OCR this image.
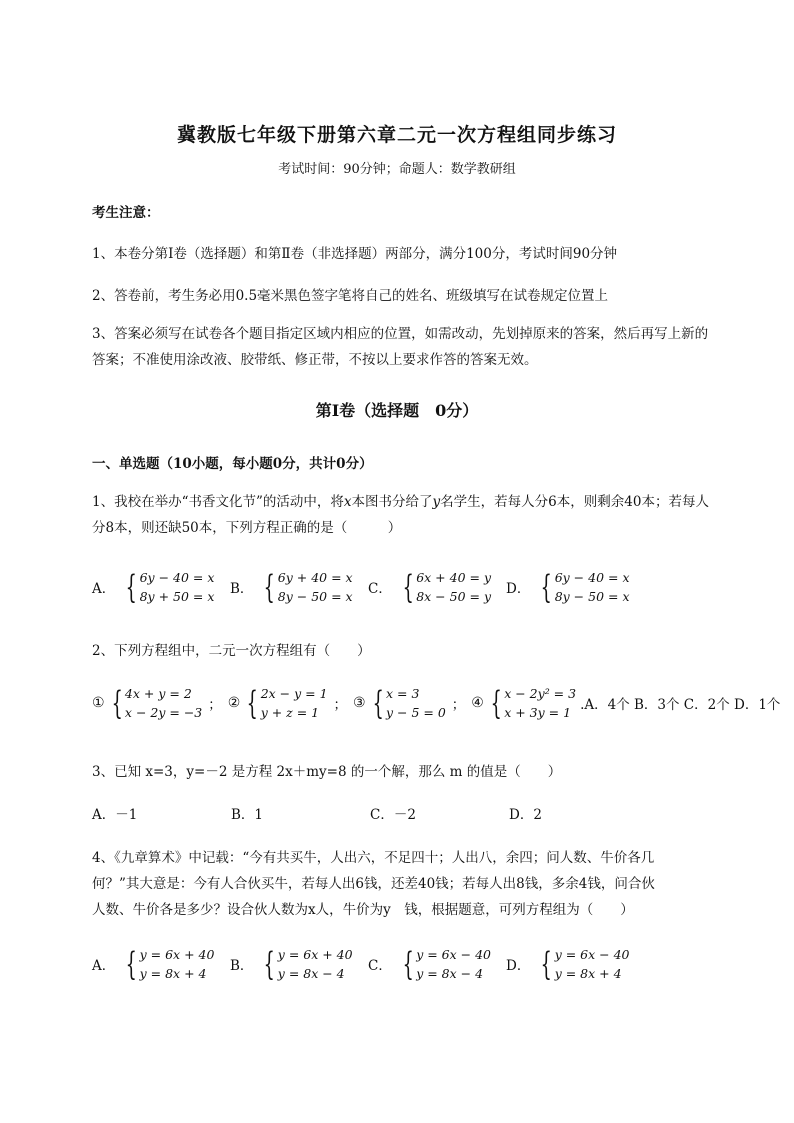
冀教版七年级下册第六章二元一次方程组同步练习
考试时间：90分钟；命题人：数学教研组
考生注意：
1、本卷分第Ⅰ卷（选择题）和第Ⅱ卷（非选择题）两部分，满分100分，考试时间90分钟
2、答卷前，考生务必用0.5毫米黑色签字笔将自己的姓名、班级填写在试卷规定位置上
3、答案必须写在试卷各个题目指定区域内相应的位置，如需改动，先划掉原来的答案，然后再写上新的答案；不准使用涂改液、胶带纸、修正带，不按以上要求作答的答案无效。
第Ⅰ卷（选择题　0分）
一、单选题（10小题，每小题0分，共计0分）
1、我校在举办“书香文化节”的活动中，将x本图书分给了y名学生，若每人分6本，则剩余40本；若每人分8本，则还缺50本，下列方程正确的是（　　　）
A． { 6y − 40 = x
8y + 50 = x B． { 6y + 40 = x
8y − 50 = x C． { 6x + 40 = y
8x − 50 = y D． { 6y − 40 = x
8y − 50 = x
2、下列方程组中，二元一次方程组有（　　）
① { 4x + y = 2
x − 2y = −3 ； ② { 2x − y = 1
y + z = 1	； ③ { x = 3
y − 5 = 0 ； ④ { x − 2y² = 3
x + 3y = 1 .A．4个 B．3个 C．2个 D．1个
3、已知 x=3，y=－2 是方程 2x＋my=8 的一个解，那么 m 的值是（　　）
A．－1	B．1	C．－2	D．2
4、《九章算术》中记载：“今有共买牛，人出六，不足四十；人出八，余四；问人数、牛价各几
何？”其大意是：今有人合伙买牛，若每人出6钱，还差40钱；若每人出8钱，多余4钱，问合伙
人数、牛价各是多少？设合伙人数为x人，牛价为y　钱，根据题意，可列方程组为（　　）
A． { y = 6x + 40
y = 8x + 4	B． { y = 6x + 40
y = 8x − 4	C． { y = 6x − 40
y = 8x − 4	D． { y = 6x − 40
y = 8x + 4
